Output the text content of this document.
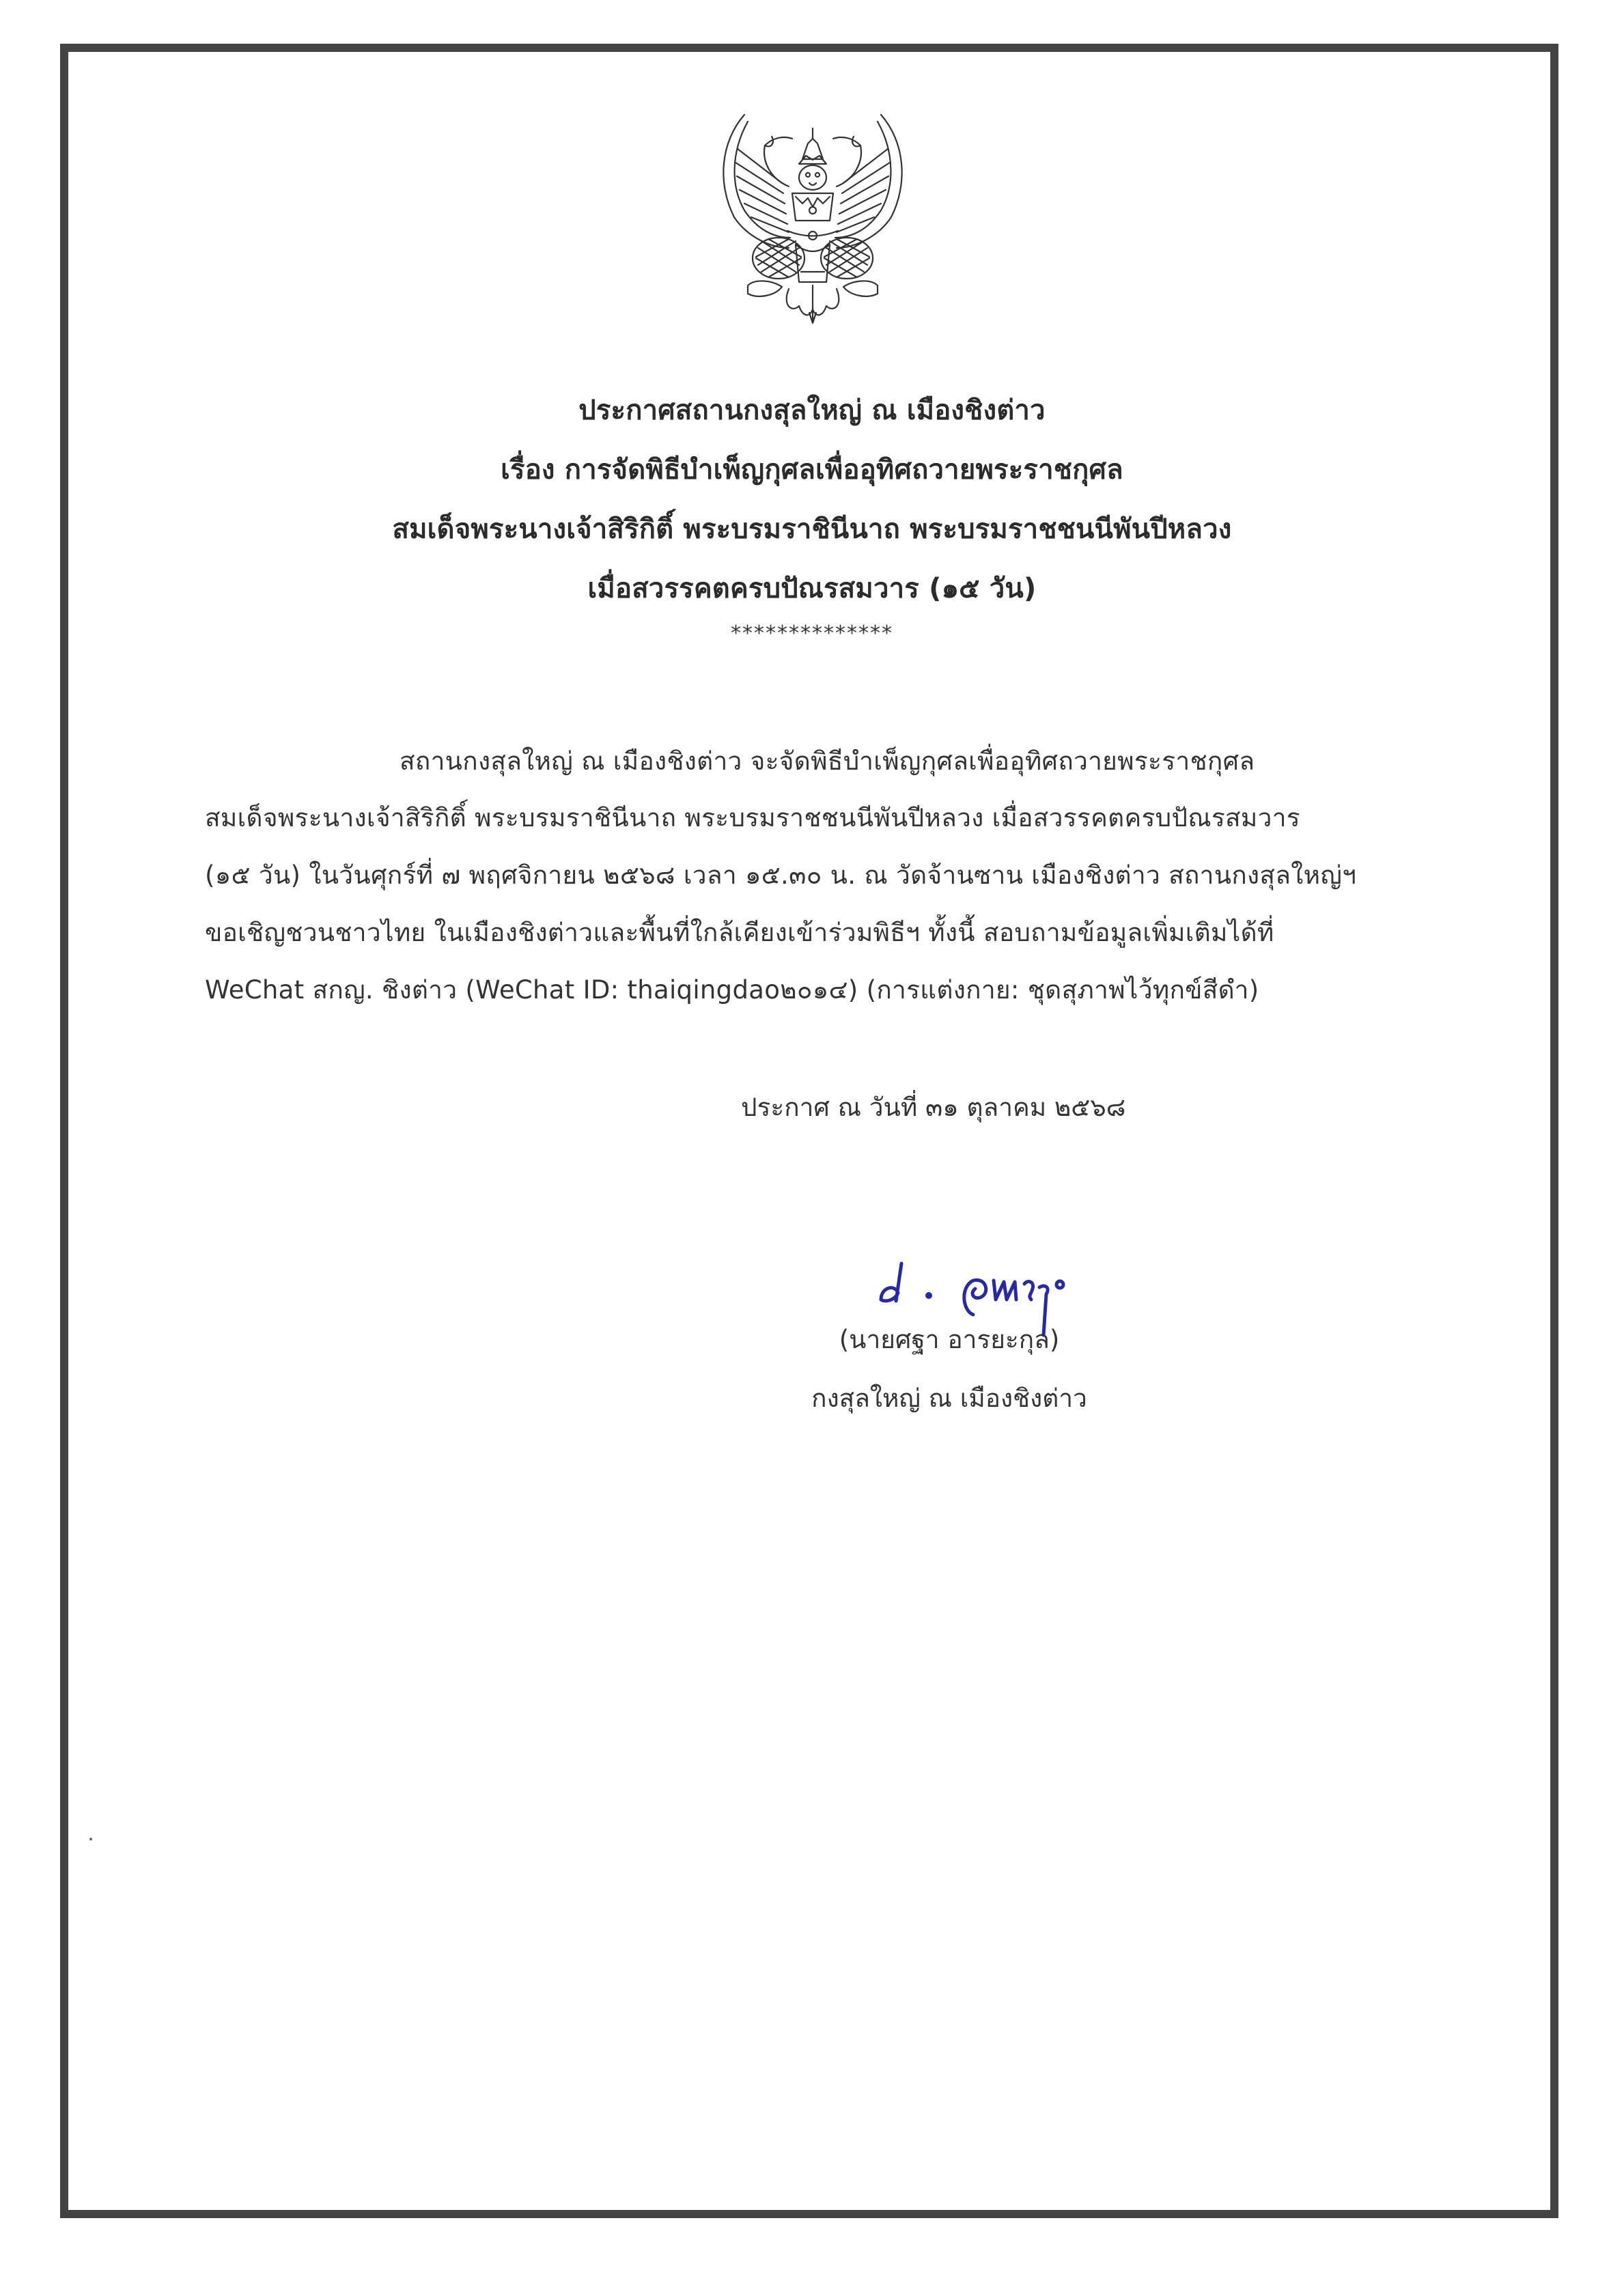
ประกาศสถานกงสุลใหญ่ ณ เมืองชิงต่าว
เรื่อง การจัดพิธีบำเพ็ญกุศลเพื่ออุทิศถวายพระราชกุศล
สมเด็จพระนางเจ้าสิริกิติ์ พระบรมราชินีนาถ พระบรมราชชนนีพันปีหลวง
เมื่อสวรรคตครบปัณรสมวาร (๑๕ วัน)
**************
สถานกงสุลใหญ่ ณ เมืองชิงต่าว จะจัดพิธีบำเพ็ญกุศลเพื่ออุทิศถวายพระราชกุศล
สมเด็จพระนางเจ้าสิริกิติ์ พระบรมราชินีนาถ พระบรมราชชนนีพันปีหลวง เมื่อสวรรคตครบปัณรสมวาร
(๑๕ วัน) ในวันศุกร์ที่ ๗ พฤศจิกายน ๒๕๖๘ เวลา ๑๕.๓๐ น. ณ วัดจ้านซาน เมืองชิงต่าว สถานกงสุลใหญ่ฯ
ขอเชิญชวนชาวไทย ในเมืองชิงต่าวและพื้นที่ใกล้เคียงเข้าร่วมพิธีฯ ทั้งนี้ สอบถามข้อมูลเพิ่มเติมได้ที่
WeChat สกญ. ชิงต่าว (WeChat ID: thaiqingdao๒๐๑๔) (การแต่งกาย: ชุดสุภาพไว้ทุกข์สีดำ)
ประกาศ ณ วันที่ ๓๑ ตุลาคม ๒๕๖๘
(นายศฐา อารยะกุล)
กงสุลใหญ่ ณ เมืองชิงต่าว
